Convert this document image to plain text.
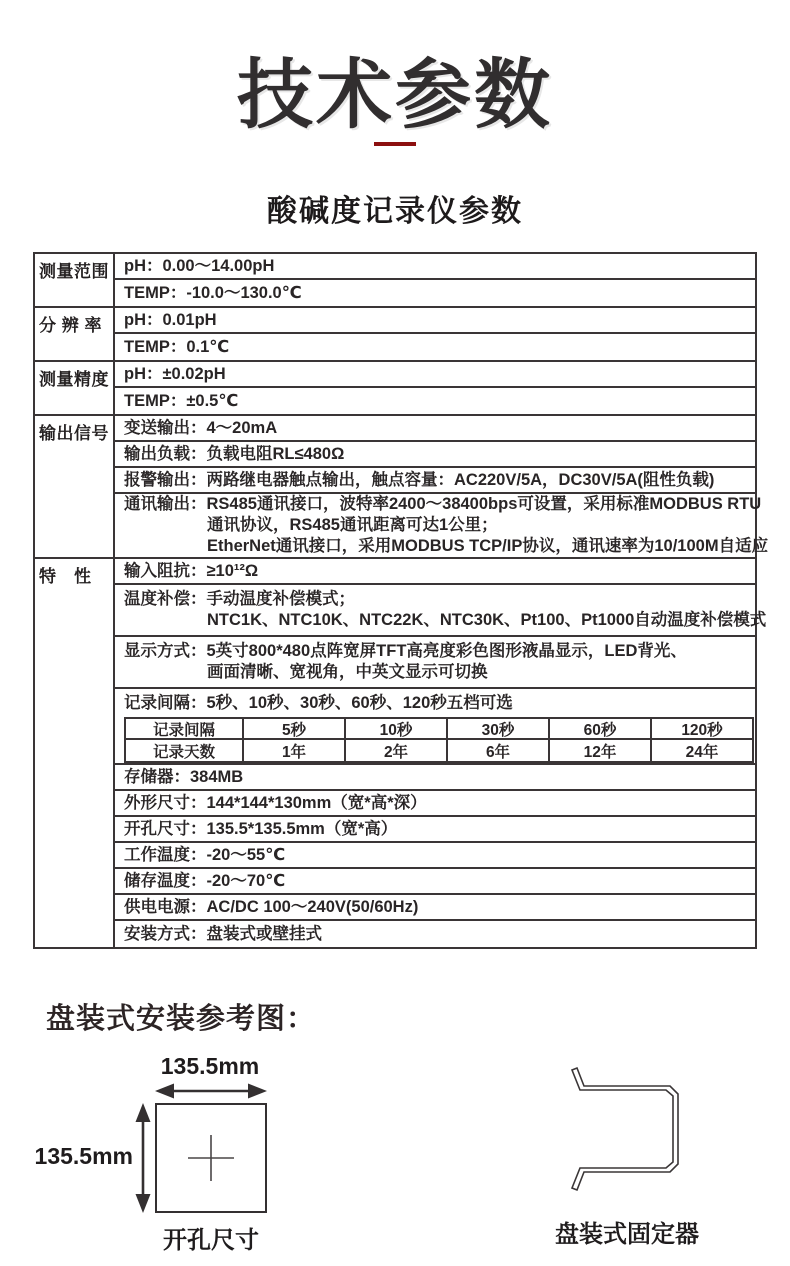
技术参数
酸碱度记录仪参数
测量范围 pH：0.00～14.00pH
TEMP：-10.0～130.0℃
分 辨 率	pH：0.01pH
TEMP：0.1℃
测量精度 pH：±0.02pH
TEMP：±0.5℃
输出信号 变送输出：4～20mA
输出负载：负载电阻RL≤480Ω
报警输出：两路继电器触点输出，触点容量：AC220V/5A，DC30V/5A(阻性负载)
通讯输出：RS485通讯接口，波特率2400～38400bps可设置，采用标准MODBUS RTU
通讯协议，RS485通讯距离可达1公里；
EtherNet通讯接口，采用MODBUS TCP/IP协议，通讯速率为10/100M自适应
特　性	输入阻抗：≥10¹²Ω
温度补偿：手动温度补偿模式；
NTC1K、NTC10K、NTC22K、NTC30K、Pt100、Pt1000自动温度补偿模式
显示方式：5英寸800*480点阵宽屏TFT高亮度彩色图形液晶显示，LED背光、
画面清晰、宽视角，中英文显示可切换
记录间隔：5秒、10秒、30秒、60秒、120秒五档可选
记录间隔	5秒	10秒	30秒	60秒	120秒
记录天数	1年	2年	6年	12年	24年
存储器：384MB
外形尺寸：144*144*130mm（宽*高*深）
开孔尺寸：135.5*135.5mm（宽*高）
工作温度：-20～55℃
储存温度：-20～70℃
供电电源：AC/DC 100～240V(50/60Hz)
安装方式：盘装式或壁挂式
盘装式安装参考图：
135.5mm
135.5mm
开孔尺寸	盘装式固定器
